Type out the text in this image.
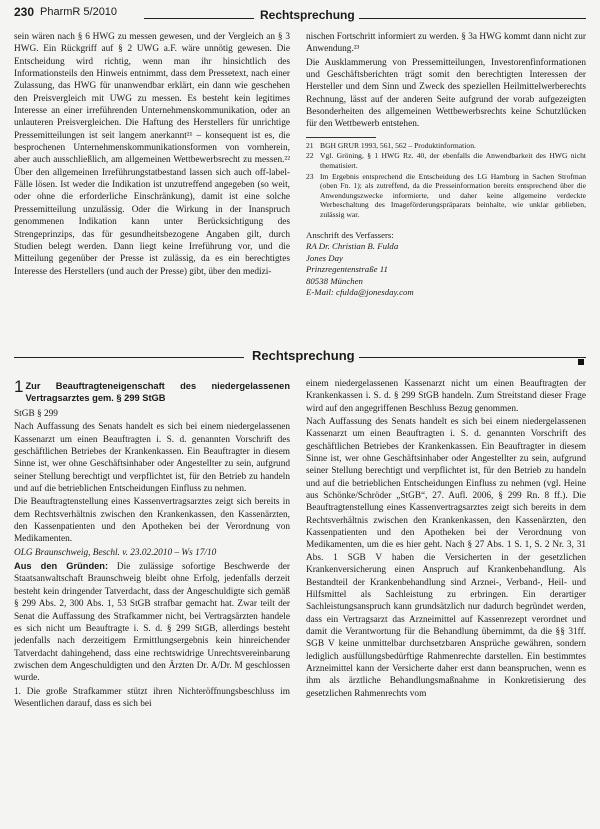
230 PharmR 5/2010	Rechtsprechung

sein wären nach § 6 HWG zu messen gewesen, und der Vergleich an § 3 HWG. Ein Rückgriff auf § 2 UWG a.F. wäre unnötig gewesen. Die Entscheidung wird richtig, wenn man ihr hinsichtlich des Informationsteils den Hinweis entnimmt, dass dem Pressetext, nach einer Zulassung, das HWG für unanwendbar erklärt, ein dann wie geschehen den Preisvergleich mit UWG zu messen. Es besteht kein legitimes Interesse an einer irreführenden Unternehmenskommunikation, oder an unlauteren Preisvergleichen. Die Haftung des Herstellers für unrichtige Pressemitteilungen ist seit langem anerkannt²¹ – konsequent ist es, die besprochenen Unternehmenskommunikationsformen von vornherein, aber auch ausschließlich, am allgemeinen Wettbewerbsrecht zu messen.²² Über den allgemeinen Irreführungstatbestand lassen sich auch off-label-Fälle lösen. Ist weder die Indikation ist unzutreffend angegeben (so weit, oder ohne die erforderliche Einschränkung), damit ist eine solche Pressemitteilung unzulässig. Oder die Wirkung in der Inanspruch genommenen Indikation kann unter Berücksichtigung des Strengeprinzips, das für gesundheitsbezogene Angaben gilt, durch Studien belegt werden. Dann liegt keine Irreführung vor, und die Mitteilung gegenüber der Presse ist zulässig, da es ein berechtigtes Interesse des Herstellers (und auch der Presse) gibt, über den medizi-

nischen Fortschritt informiert zu werden. § 3a HWG kommt dann nicht zur Anwendung.²³

Die Ausklammerung von Pressemitteilungen, Investorenfinformationen und Geschäftsberichten trägt somit den berechtigten Interessen der Hersteller und dem Sinn und Zweck des speziellen Heilmittelwerberechts Rechnung, lässt auf der anderen Seite aufgrund der vorab aufgezeigten Besonderheiten des allgemeinen Wettbewerbsrechts keine Schutzlücken für den Wettbewerb entstehen.

21 BGH GRUR 1993, 561, 562 – Produktinformation.
22 Vgl. Gröning, § 1 HWG Rz. 40, der ebenfalls die Anwendbarkeit des HWG nicht thematisiert.
23 Im Ergebnis entsprechend die Entscheidung des LG Hamburg in Sachen Strofman (oben Fn. 1); als zutreffend, da die Presseinformation bereits entsprechend über die Anwendungszwecke informierte, und daher keine allgemeine verdeckte Werbeschaltung des Imageförderungspräparats beinhalte, wie unklar geblieben, zulässig war.
Anschrift des Verfassers:
RA Dr. Christian B. Fulda
Jones Day
Prinzregentenstraße 11
80538 München
E-Mail: cfulda@jonesday.com
Rechtsprechung
1 Zur Beauftragteneigenschaft des niedergelassenen Vertragsarztes gem. § 299 StGB

StGB § 299

Nach Auffassung des Senats handelt es sich bei einem niedergelassenen Kassenarzt um einen Beauftragten i. S. d. genannten Vorschrift des geschäftlichen Betriebes der Krankenkassen. Ein Beauftragter in diesem Sinne ist, wer ohne Geschäftsinhaber oder Angestellter zu sein, aufgrund seiner Stellung berechtigt und verpflichtet ist, für den Betrieb zu handeln und auf die betrieblichen Entscheidungen Einfluss zu nehmen.

Die Beauftragtenstellung eines Kassenvertragsarztes zeigt sich bereits in dem Rechtsverhältnis zwischen den Krankenkassen, den Kassenärzten, den Kassenpatienten und den Apotheken bei der Verordnung von Medikamenten.

OLG Braunschweig, Beschl. v. 23.02.2010 – Ws 17/10

Aus den Gründen: Die zulässige sofortige Beschwerde der Staatsanwaltschaft Braunschweig bleibt ohne Erfolg, jedenfalls derzeit besteht kein dringender Tatverdacht, dass der Angeschuldigte sich gemäß § 299 Abs. 2, 300 Abs. 1, 53 StGB strafbar gemacht hat. Zwar teilt der Senat die Auffassung des Strafkammer nicht, bei Vertragsärzten handele es sich nicht um Beauftragte i. S. d. § 299 StGB, allerdings besteht jedenfalls nach derzeitigem Ermittlungsergebnis kein hinreichender Tatverdacht dahingehend, dass eine rechtswidrige Unrechtsvereinbarung zwischen dem Angeschuldigten und den Ärzten Dr. A/Dr. M geschlossen wurde.

1. Die große Strafkammer stützt ihren Nichteröffnungsbeschluss im Wesentlichen darauf, dass es sich bei

einem niedergelassenen Kassenarzt nicht um einen Beauftragten der Krankenkassen i. S. d. § 299 StGB handeln. Zum Streitstand dieser Frage wird auf den angegriffenen Beschluss Bezug genommen.

Nach Auffassung des Senats handelt es sich bei einem niedergelassenen Kassenarzt um einen Beauftragten i. S. d. genannten Vorschrift des geschäftlichen Betriebes der Krankenkassen. Ein Beauftragter in diesem Sinne ist, wer ohne Geschäftsinhaber oder Angestellter zu sein, aufgrund seiner Stellung berechtigt und verpflichtet ist, für den Betrieb zu handeln und auf die betrieblichen Entscheidungen Einfluss zu nehmen (vgl. Heine aus Schönke/Schröder „StGB“, 27. Aufl. 2006, § 299 Rn. 8 ff.). Die Beauftragtenstellung eines Kassenvertragsarztes zeigt sich bereits in dem Rechtsverhältnis zwischen den Krankenkassen, den Kassenärzten, den Kassenpatienten und den Apotheken bei der Verordnung von Medikamenten, um die es hier geht. Nach § 27 Abs. 1 S. 1, S. 2 Nr. 3, 31 Abs. 1 SGB V haben die Versicherten in der gesetzlichen Krankenversicherung einen Anspruch auf Krankenbehandlung. Als Bestandteil der Krankenbehandlung sind Arznei-, Verband-, Heil- und Hilfsmittel als Sachleistung zu erbringen. Ein derartiger Sachleistungsanspruch kann grundsätzlich nur dadurch begründet werden, dass ein Vertragsarzt das Arzneimittel auf Kassenrezept verordnet und damit die Verantwortung für die Behandlung übernimmt, da die §§ 31ff. SGB V keine unmittelbar durchsetzbaren Ansprüche gewähren, sondern lediglich ausfüllungsbedürftige Rahmenrechte darstellen. Ein bestimmtes Arzneimittel kann der Versicherte daher erst dann beanspruchen, wenn es ihm als ärztliche Behandlungsmaßnahme in Konkretisierung des gesetzlichen Rahmenrechts vom
